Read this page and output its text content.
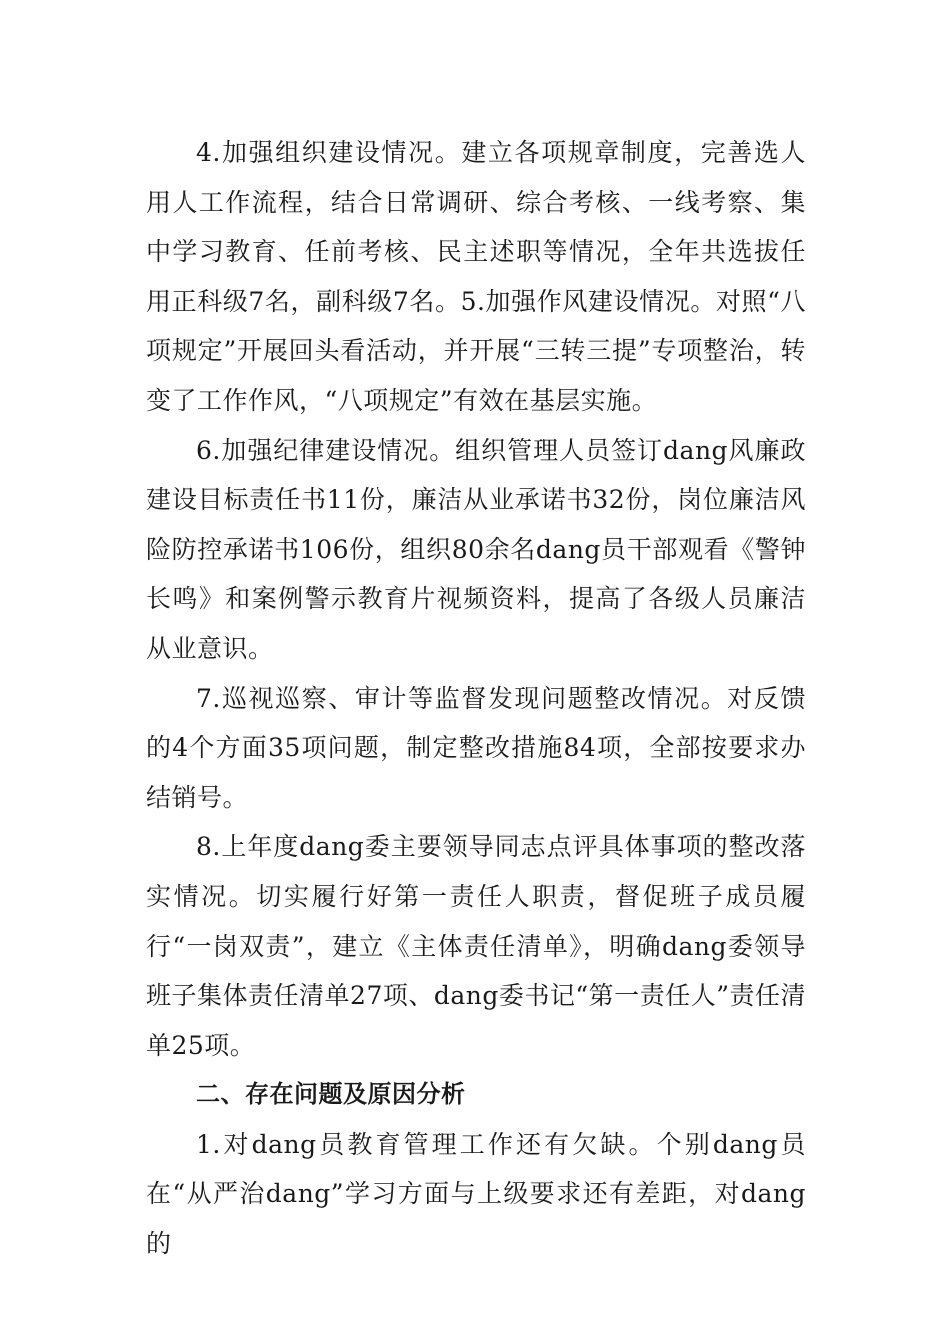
4.加强组织建设情况。建立各项规章制度，完善选人用人工作流程，结合日常调研、综合考核、一线考察、集中学习教育、任前考核、民主述职等情况，全年共选拔任用正科级7名，副科级7名。5.加强作风建设情况。对照“八项规定”开展回头看活动，并开展“三转三提”专项整治，转变了工作作风，“八项规定”有效在基层实施。

6.加强纪律建设情况。组织管理人员签订dang风廉政建设目标责任书11份，廉洁从业承诺书32份，岗位廉洁风险防控承诺书106份，组织80余名dang员干部观看《警钟长鸣》和案例警示教育片视频资料，提高了各级人员廉洁从业意识。

7.巡视巡察、审计等监督发现问题整改情况。对反馈的4个方面35项问题，制定整改措施84项，全部按要求办结销号。

8.上年度dang委主要领导同志点评具体事项的整改落实情况。切实履行好第一责任人职责，督促班子成员履行“一岗双责”，建立《主体责任清单》，明确dang委领导班子集体责任清单27项、dang委书记“第一责任人”责任清单25项。

二、存在问题及原因分析

1.对dang员教育管理工作还有欠缺。个别dang员在“从严治dang”学习方面与上级要求还有差距，对dang的
